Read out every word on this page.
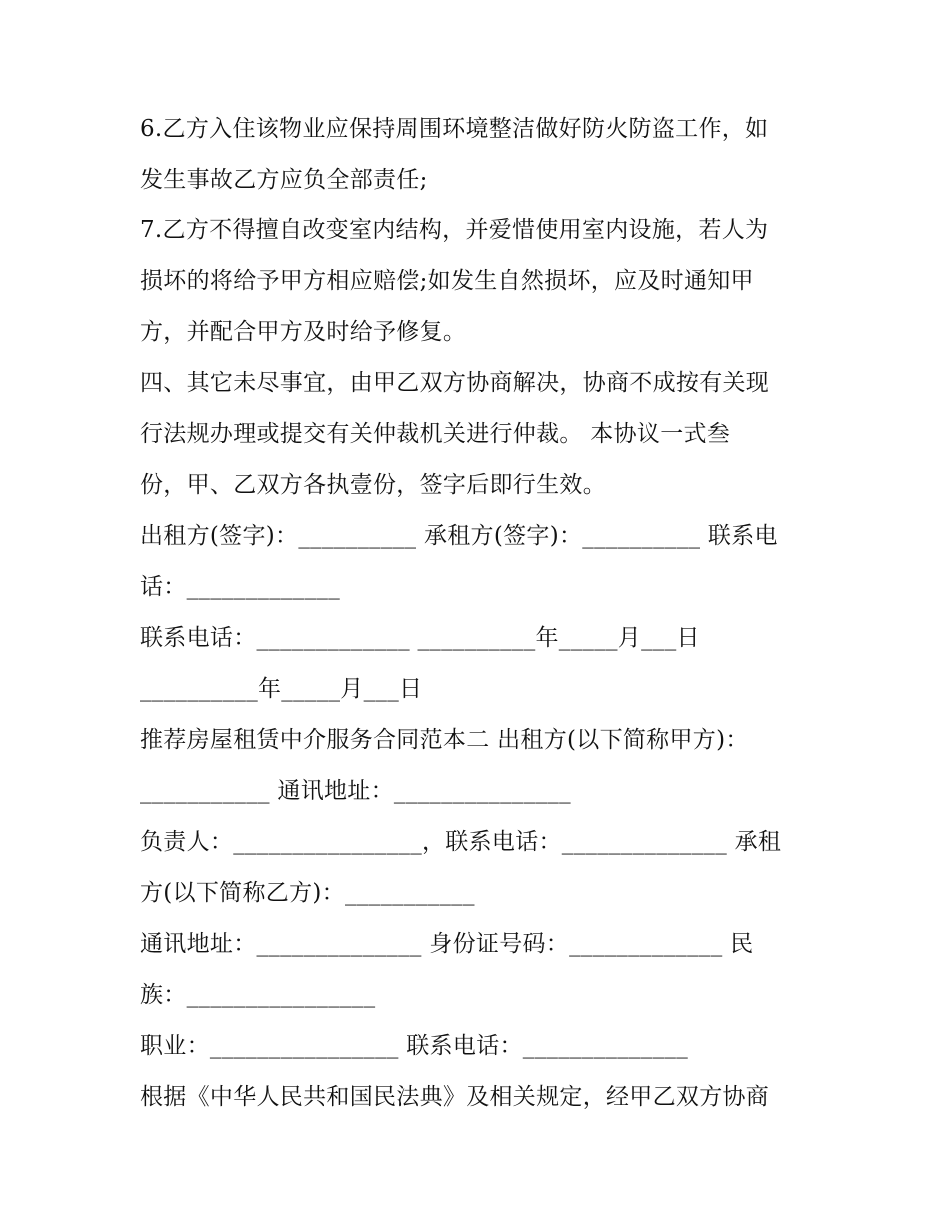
6.乙方入住该物业应保持周围环境整洁做好防火防盗工作，如
发生事故乙方应负全部责任;
7.乙方不得擅自改变室内结构，并爱惜使用室内设施，若人为
损坏的将给予甲方相应赔偿;如发生自然损坏，应及时通知甲
方，并配合甲方及时给予修复。
四、其它未尽事宜，由甲乙双方协商解决，协商不成按有关现
行法规办理或提交有关仲裁机关进行仲裁。 本协议一式叁
份，甲、乙双方各执壹份，签字后即行生效。
出租方(签字)：__________ 承租方(签字)：__________ 联系电
话：_____________
联系电话：_____________ __________年_____月___日
__________年_____月___日
推荐房屋租赁中介服务合同范本二 出租方(以下简称甲方)：
___________ 通讯地址：_______________
负责人：________________，联系电话：______________ 承租
方(以下简称乙方)：___________
通讯地址：______________ 身份证号码：_____________ 民
族：________________
职业：________________ 联系电话：______________
根据《中华人民共和国民法典》及相关规定，经甲乙双方协商
